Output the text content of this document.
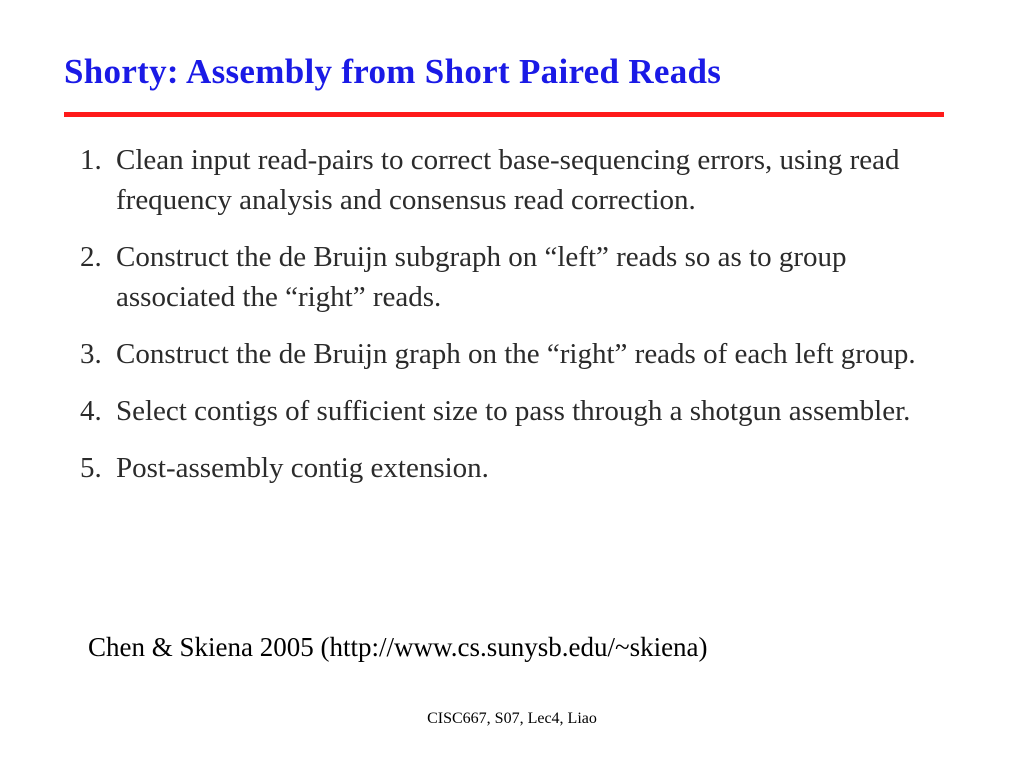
Shorty: Assembly from Short Paired Reads
1. Clean input read-pairs to correct base-sequencing errors, using read frequency analysis and consensus read correction.
2. Construct the de Bruijn subgraph on “left” reads so as to group associated the “right” reads.
3. Construct the de Bruijn graph on the “right” reads of each left group.
4. Select contigs of sufficient size to pass through a shotgun assembler.
5. Post-assembly contig extension.

Chen & Skiena 2005 (http://www.cs.sunysb.edu/~skiena)

CISC667, S07, Lec4, Liao
